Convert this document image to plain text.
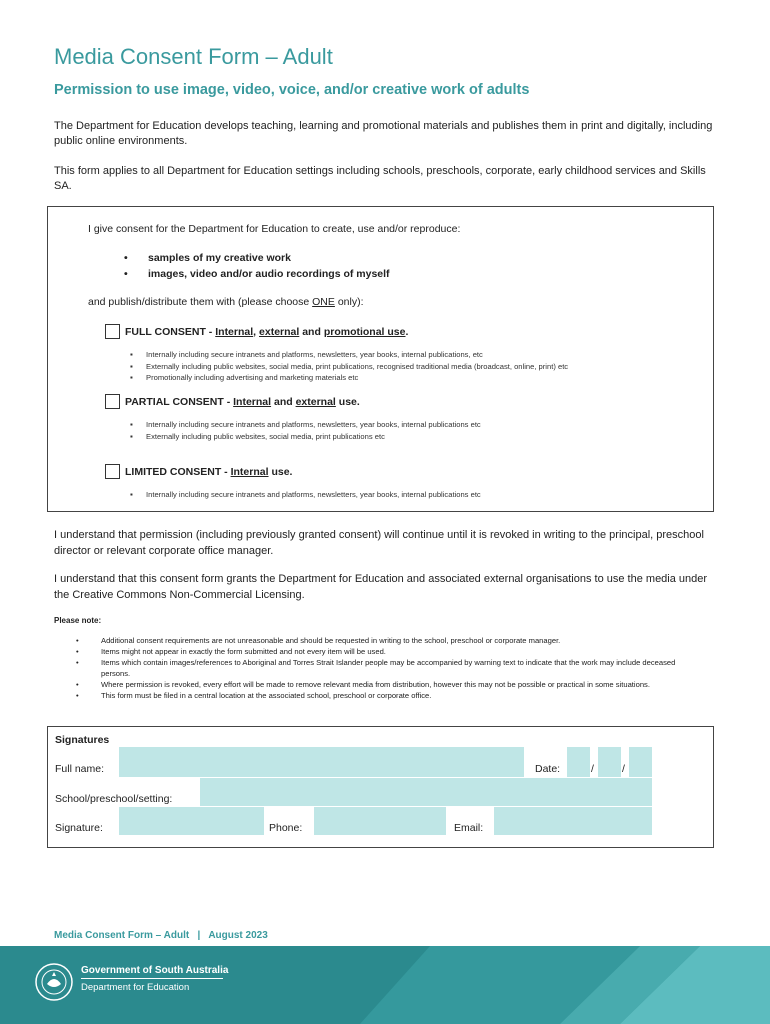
Media Consent Form – Adult
Permission to use image, video, voice, and/or creative work of adults

The Department for Education develops teaching, learning and promotional materials and publishes them in print and digitally, including public online environments.

This form applies to all Department for Education settings including schools, preschools, corporate, early childhood services and Skills SA.

I give consent for the Department for Education to create, use and/or reproduce:

• samples of my creative work
• images, video and/or audio recordings of myself

and publish/distribute them with (please choose ONE only):

FULL CONSENT - Internal, external and promotional use.
▪ Internally including secure intranets and platforms, newsletters, year books, internal publications, etc
▪ Externally including public websites, social media, print publications, recognised traditional media (broadcast, online, print) etc
▪ Promotionally including advertising and marketing materials etc
PARTIAL CONSENT - Internal and external use.
▪ Internally including secure intranets and platforms, newsletters, year books, internal publications etc
▪ Externally including public websites, social media, print publications etc
LIMITED CONSENT - Internal use.
▪ Internally including secure intranets and platforms, newsletters, year books, internal publications etc

I understand that permission (including previously granted consent) will continue until it is revoked in writing to the principal, preschool director or relevant corporate office manager.

I understand that this consent form grants the Department for Education and associated external organisations to use the media under the Creative Commons Non-Commercial Licensing.

Please note:

• Additional consent requirements are not unreasonable and should be requested in writing to the school, preschool or corporate manager.
• Items might not appear in exactly the form submitted and not every item will be used.
• Items which contain images/references to Aboriginal and Torres Strait Islander people may be accompanied by warning text to indicate that the work may include deceased persons.
• Where permission is revoked, every effort will be made to remove relevant media from distribution, however this may not be possible or practical in some situations.
• This form must be filed in a central location at the associated school, preschool or corporate office.

Signatures

Full name:	Date:	/	/
School/preschool/setting:
Signature:	Phone:	Email:

Media Consent Form – Adult | August 2023

Government of South Australia
Department for Education
